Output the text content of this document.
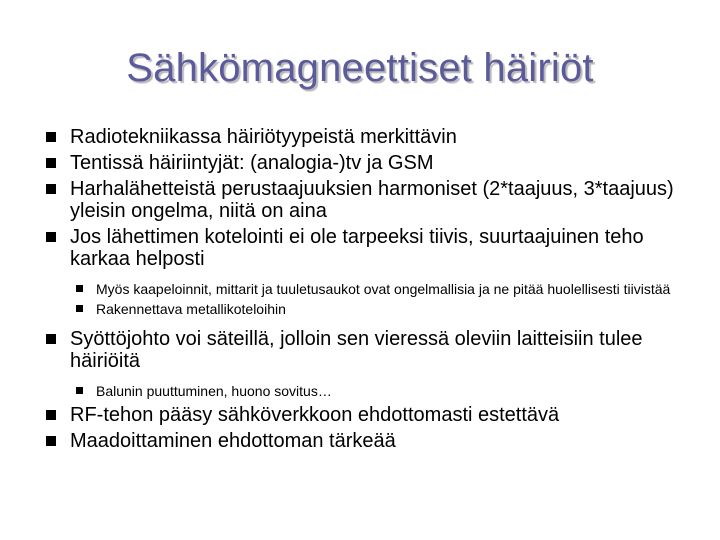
Sähkömagneettiset häiriöt
Radiotekniikassa häiriötyypeistä merkittävin
Tentissä häiriintyjät: (analogia-)tv ja GSM
Harhalähetteistä perustaajuuksien harmoniset (2*taajuus, 3*taajuus) yleisin ongelma, niitä on aina
Jos lähettimen kotelointi ei ole tarpeeksi tiivis, suurtaajuinen teho karkaa helposti
Myös kaapeloinnit, mittarit ja tuuletusaukot ovat ongelmallisia ja ne pitää huolellisesti tiivistää
Rakennettava metallikoteloihin
Syöttöjohto voi säteillä, jolloin sen vieressä oleviin laitteisiin tulee häiriöitä
Balunin puuttuminen, huono sovitus…
RF-tehon pääsy sähköverkkoon ehdottomasti estettävä
Maadoittaminen ehdottoman tärkeää
